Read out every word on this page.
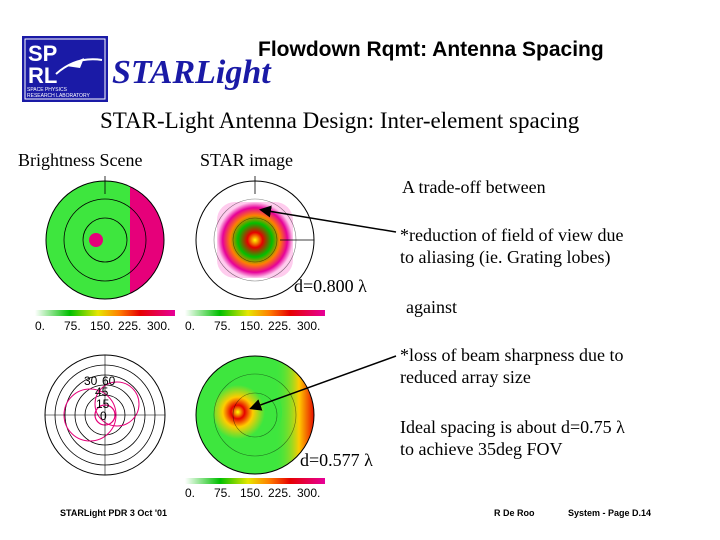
SP
RL
SPACE PHYSICS
RESEARCH LABORATORY
Flowdown Rqmt: Antenna Spacing
STARLight
STAR-Light Antenna Design: Inter-element spacing
Brightness Scene	STAR image
0. 75. 150. 225. 300. 0. 75. 150. 225. 300.
30 60
45
15
0
0. 75. 150. 225. 300.
d=0.800 λ
d=0.577 λ
A trade-off between
*reduction of field of view due
to aliasing (ie. Grating lobes)
against
*loss of beam sharpness due to
reduced array size
Ideal spacing is about d=0.75 λ
to achieve 35deg FOV
STARLight PDR 3 Oct '01	R De Roo	System - Page D.14
